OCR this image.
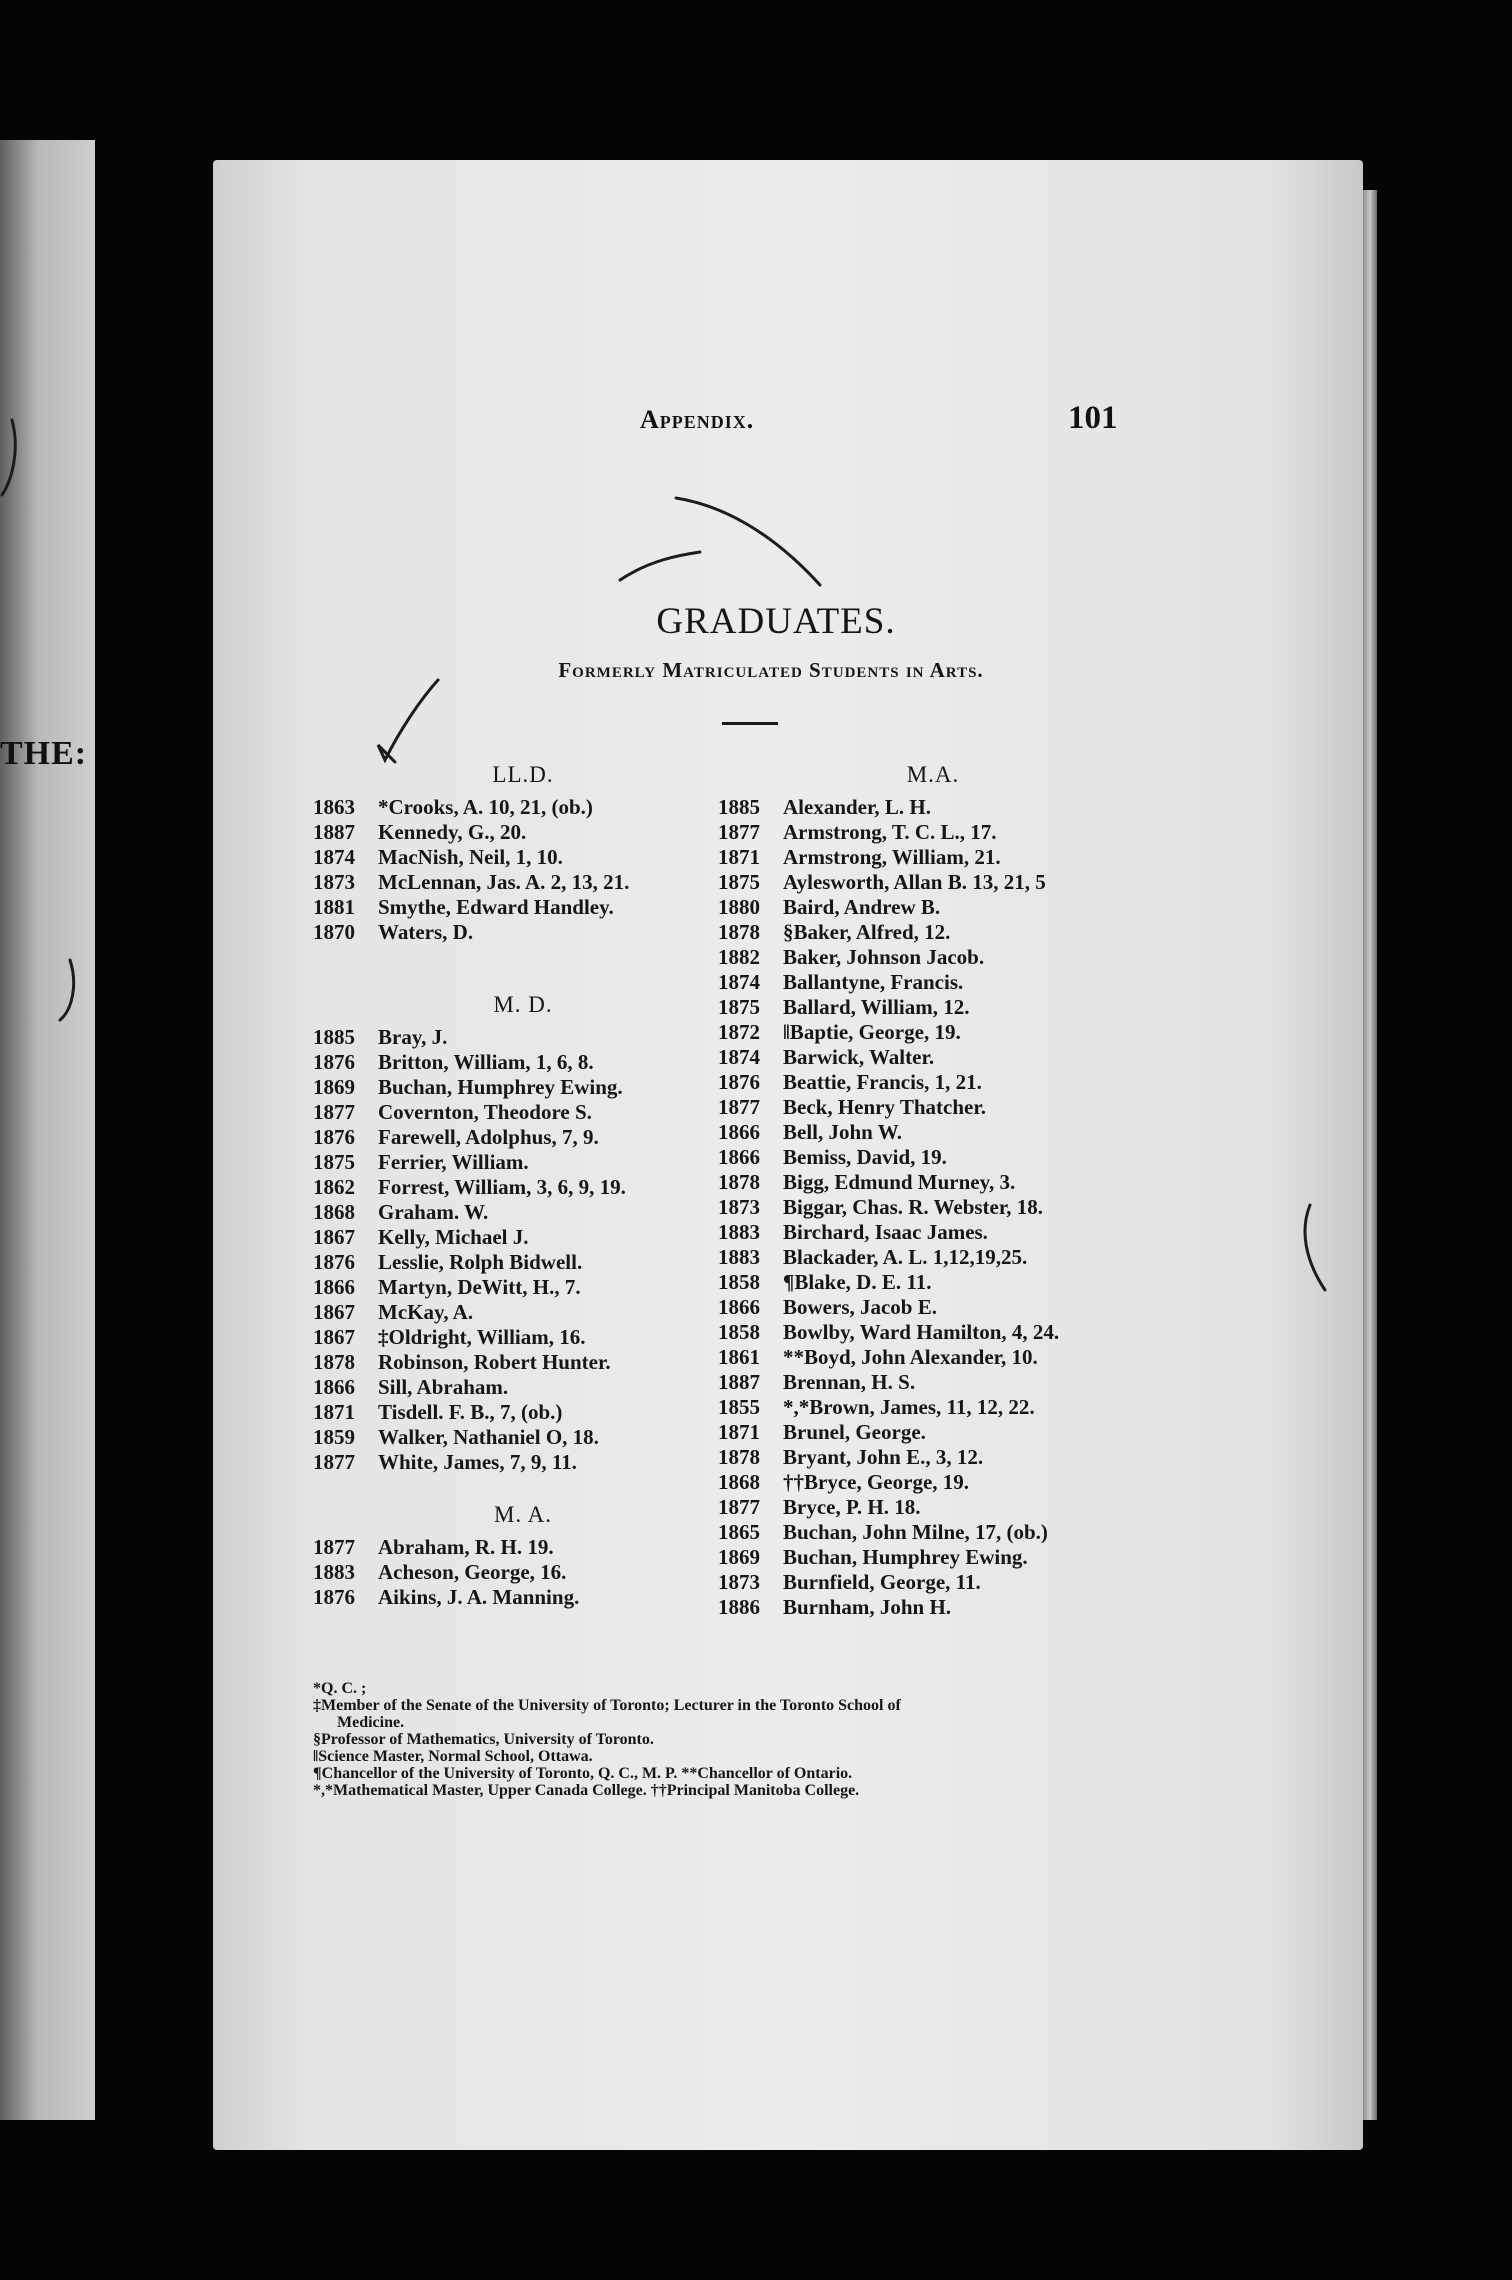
THE:
Appendix.	101
GRADUATES.
Formerly Matriculated Students in Arts.
LL.D.
1863	*Crooks, A. 10, 21, (ob.)
1887	Kennedy, G., 20.
1874	MacNish, Neil, 1, 10.
1873	McLennan, Jas. A. 2, 13, 21.
1881	Smythe, Edward Handley.
1870	Waters, D.
M. D.
1885	Bray, J.
1876	Britton, William, 1, 6, 8.
1869	Buchan, Humphrey Ewing.
1877	Covernton, Theodore S.
1876	Farewell, Adolphus, 7, 9.
1875	Ferrier, William.
1862	Forrest, William, 3, 6, 9, 19.
1868	Graham. W.
1867	Kelly, Michael J.
1876	Lesslie, Rolph Bidwell.
1866	Martyn, DeWitt, H., 7.
1867	McKay, A.
1867	‡Oldright, William, 16.
1878	Robinson, Robert Hunter.
1866	Sill, Abraham.
1871	Tisdell. F. B., 7, (ob.)
1859	Walker, Nathaniel O, 18.
1877	White, James, 7, 9, 11.
M. A.
1877	Abraham, R. H. 19.
1883	Acheson, George, 16.
1876	Aikins, J. A. Manning.
M.A.
1885	Alexander, L. H.
1877	Armstrong, T. C. L., 17.
1871	Armstrong, William, 21.
1875	Aylesworth, Allan B. 13, 21, 5
1880	Baird, Andrew B.
1878	§Baker, Alfred, 12.
1882	Baker, Johnson Jacob.
1874	Ballantyne, Francis.
1875	Ballard, William, 12.
1872	‖Baptie, George, 19.
1874	Barwick, Walter.
1876	Beattie, Francis, 1, 21.
1877	Beck, Henry Thatcher.
1866	Bell, John W.
1866	Bemiss, David, 19.
1878	Bigg, Edmund Murney, 3.
1873	Biggar, Chas. R. Webster, 18.
1883	Birchard, Isaac James.
1883	Blackader, A. L. 1,12,19,25.
1858	¶Blake, D. E. 11.
1866	Bowers, Jacob E.
1858	Bowlby, Ward Hamilton, 4, 24.
1861	**Boyd, John Alexander, 10.
1887	Brennan, H. S.
1855	*,*Brown, James, 11, 12, 22.
1871	Brunel, George.
1878	Bryant, John E., 3, 12.
1868	††Bryce, George, 19.
1877	Bryce, P. H. 18.
1865	Buchan, John Milne, 17, (ob.)
1869	Buchan, Humphrey Ewing.
1873	Burnfield, George, 11.
1886	Burnham, John H.
*Q. C. ;
‡Member of the Senate of the University of Toronto; Lecturer in the Toronto School of
Medicine.
§Professor of Mathematics, University of Toronto.
‖Science Master, Normal School, Ottawa.
¶Chancellor of the University of Toronto, Q. C., M. P. **Chancellor of Ontario.
*,*Mathematical Master, Upper Canada College. ††Principal Manitoba College.
